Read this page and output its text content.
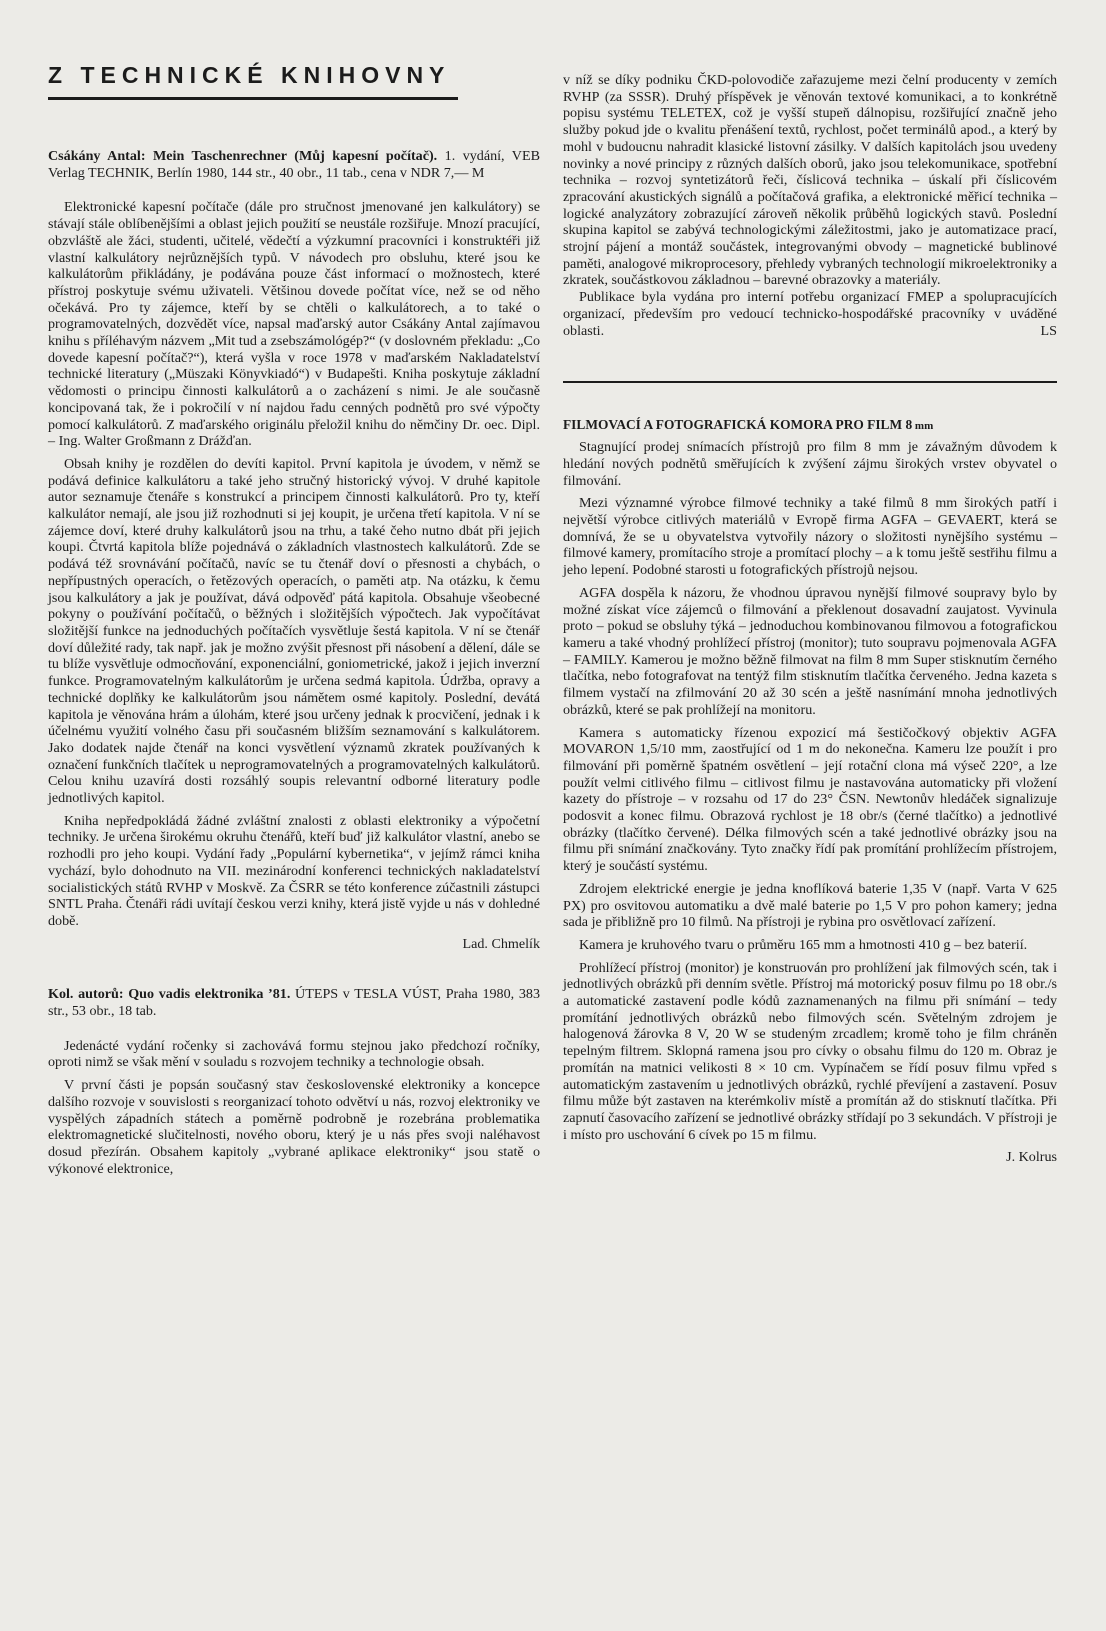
Z TECHNICKÉ KNIHOVNY

Csákány Antal: Mein Taschenrechner (Můj kapesní počítač). 1. vydání, VEB Verlag TECHNIK, Berlín 1980, 144 str., 40 obr., 11 tab., cena v NDR 7,— M

Elektronické kapesní počítače (dále pro stručnost jmenované jen kalkulátory) se stávají stále oblíbenějšími a oblast jejich použití se neustále rozšiřuje. Mnozí pracující, obzvláště ale žáci, studenti, učitelé, vědečtí a výzkumní pracovníci i konstruktéři již vlastní kalkulátory nejrůznějších typů. V návodech pro obsluhu, které jsou ke kalkulátorům přikládány, je podávána pouze část informací o možnostech, které přístroj poskytuje svému uživateli. Většinou dovede počítat více, než se od něho očekává. Pro ty zájemce, kteří by se chtěli o kalkulátorech, a to také o programovatelných, dozvědět více, napsal maďarský autor Csákány Antal zajímavou knihu s příléhavým názvem „Mit tud a zsebszámológép?“ (v doslovném překladu: „Co dovede kapesní počítač?“), která vyšla v roce 1978 v maďarském Nakladatelství technické literatury („Müszaki Könyvkiadó“) v Budapešti. Kniha poskytuje základní vědomosti o principu činnosti kalkulátorů a o zacházení s nimi. Je ale současně koncipovaná tak, že i pokročilí v ní najdou řadu cenných podnětů pro své výpočty pomocí kalkulátorů. Z maďarského originálu přeložil knihu do němčiny Dr. oec. Dipl. – Ing. Walter Großmann z Drážďan.

Obsah knihy je rozdělen do devíti kapitol. První kapitola je úvodem, v němž se podává definice kalkulátoru a také jeho stručný historický vývoj. V druhé kapitole autor seznamuje čtenáře s konstrukcí a principem činnosti kalkulátorů. Pro ty, kteří kalkulátor nemají, ale jsou již rozhodnuti si jej koupit, je určena třetí kapitola. V ní se zájemce doví, které druhy kalkulátorů jsou na trhu, a také čeho nutno dbát při jejich koupi. Čtvrtá kapitola blíže pojednává o základních vlastnostech kalkulátorů. Zde se podává též srovnávání počítačů, navíc se tu čtenář doví o přesnosti a chybách, o nepřípustných operacích, o řetězových operacích, o paměti atp. Na otázku, k čemu jsou kalkulátory a jak je používat, dává odpověď pátá kapitola. Obsahuje všeobecné pokyny o používání počítačů, o běžných i složitějších výpočtech. Jak vypočítávat složitější funkce na jednoduchých počítačích vysvětluje šestá kapitola. V ní se čtenář doví důležité rady, tak např. jak je možno zvýšit přesnost při násobení a dělení, dále se tu blíže vysvětluje odmocňování, exponenciální, goniometrické, jakož i jejich inverzní funkce. Programovatelným kalkulátorům je určena sedmá kapitola. Údržba, opravy a technické doplňky ke kalkulátorům jsou námětem osmé kapitoly. Poslední, devátá kapitola je věnována hrám a úlohám, které jsou určeny jednak k procvičení, jednak i k účelnému využití volného času při současném bližším seznamování s kalkulátorem. Jako dodatek najde čtenář na konci vysvětlení významů zkratek používaných k označení funkčních tlačítek u neprogramovatelných a programovatelných kalkulátorů. Celou knihu uzavírá dosti rozsáhlý soupis relevantní odborné literatury podle jednotlivých kapitol.

Kniha nepředpokládá žádné zvláštní znalosti z oblasti elektroniky a výpočetní techniky. Je určena širokému okruhu čtenářů, kteří buď již kalkulátor vlastní, anebo se rozhodli pro jeho koupi. Vydání řady „Populární kybernetika“, v jejímž rámci kniha vychází, bylo dohodnuto na VII. mezinárodní konferenci technických nakladatelství socialistických států RVHP v Moskvě. Za ČSRR se této konference zúčastnili zástupci SNTL Praha. Čtenáři rádi uvítají českou verzi knihy, která jistě vyjde u nás v dohledné době.

Lad. Chmelík

Kol. autorů: Quo vadis elektronika ’81. ÚTEPS v TESLA VÚST, Praha 1980, 383 str., 53 obr., 18 tab.

Jedenácté vydání ročenky si zachovává formu stejnou jako předchozí ročníky, oproti nimž se však mění v souladu s rozvojem techniky a technologie obsah.

V první části je popsán současný stav československé elektroniky a koncepce dalšího rozvoje v souvislosti s reorganizací tohoto odvětví u nás, rozvoj elektroniky ve vyspělých západních státech a poměrně podrobně je rozebrána problematika elektromagnetické slučitelnosti, nového oboru, který je u nás přes svoji naléhavost dosud přezírán. Obsahem kapitoly „vybrané aplikace elektroniky“ jsou statě o výkonové elektronice,

v níž se díky podniku ČKD-polovodiče zařazujeme mezi čelní producenty v zemích RVHP (za SSSR). Druhý příspěvek je věnován textové komunikaci, a to konkrétně popisu systému TELETEX, což je vyšší stupeň dálnopisu, rozšiřující značně jeho služby pokud jde o kvalitu přenášení textů, rychlost, počet terminálů apod., a který by mohl v budoucnu nahradit klasické listovní zásilky. V dalších kapitolách jsou uvedeny novinky a nové principy z různých dalších oborů, jako jsou telekomunikace, spotřební technika – rozvoj syntetizátorů řeči, číslicová technika – úskalí při číslicovém zpracování akustických signálů a počítačová grafika, a elektronické měřicí technika – logické analyzátory zobrazující zároveň několik průběhů logických stavů. Poslední skupina kapitol se zabývá technologickými záležitostmi, jako je automatizace prací, strojní pájení a montáž součástek, integrovanými obvody – magnetické bublinové paměti, analogové mikroprocesory, přehledy vybraných technologií mikroelektroniky a zkratek, součástkovou základnou – barevné obrazovky a materiály.

Publikace byla vydána pro interní potřebu organizací FMEP a spolupracujících organizací, především pro vedoucí technicko-hospodářské pracovníky v uváděné oblasti.	LS

FILMOVACÍ A FOTOGRAFICKÁ KOMORA PRO FILM 8 mm

Stagnující prodej snímacích přístrojů pro film 8 mm je závažným důvodem k hledání nových podnětů směřujících k zvýšení zájmu širokých vrstev obyvatel o filmování.

Mezi významné výrobce filmové techniky a také filmů 8 mm širokých patří i největší výrobce citlivých materiálů v Evropě firma AGFA – GEVAERT, která se domnívá, že se u obyvatelstva vytvořily názory o složitosti nynějšího systému – filmové kamery, promítacího stroje a promítací plochy – a k tomu ještě sestřihu filmu a jeho lepení. Podobné starosti u fotografických přístrojů nejsou.

AGFA dospěla k názoru, že vhodnou úpravou nynější filmové soupravy bylo by možné získat více zájemců o filmování a překlenout dosavadní zaujatost. Vyvinula proto – pokud se obsluhy týká – jednoduchou kombinovanou filmovou a fotografickou kameru a také vhodný prohlížecí přístroj (monitor); tuto soupravu pojmenovala AGFA – FAMILY. Kamerou je možno běžně filmovat na film 8 mm Super stisknutím černého tlačítka, nebo fotografovat na tentýž film stisknutím tlačítka červeného. Jedna kazeta s filmem vystačí na zfilmování 20 až 30 scén a ještě nasnímání mnoha jednotlivých obrázků, které se pak prohlížejí na monitoru.

Kamera s automaticky řízenou expozicí má šestičočkový objektiv AGFA MOVARON 1,5/10 mm, zaostřující od 1 m do nekonečna. Kameru lze použít i pro filmování při poměrně špatném osvětlení – její rotační clona má výseč 220°, a lze použít velmi citlivého filmu – citlivost filmu je nastavována automaticky při vložení kazety do přístroje – v rozsahu od 17 do 23° ČSN. Newtonův hledáček signalizuje podosvit a konec filmu. Obrazová rychlost je 18 obr/s (černé tlačítko) a jednotlivé obrázky (tlačítko červené). Délka filmových scén a také jednotlivé obrázky jsou na filmu při snímání značkovány. Tyto značky řídí pak promítání prohlížecím přístrojem, který je součástí systému.

Zdrojem elektrické energie je jedna knoflíková baterie 1,35 V (např. Varta V 625 PX) pro osvitovou automatiku a dvě malé baterie po 1,5 V pro pohon kamery; jedna sada je přibližně pro 10 filmů. Na přístroji je rybina pro osvětlovací zařízení.

Kamera je kruhového tvaru o průměru 165 mm a hmotnosti 410 g – bez baterií.

Prohlížecí přístroj (monitor) je konstruován pro prohlížení jak filmových scén, tak i jednotlivých obrázků při denním světle. Přístroj má motorický posuv filmu po 18 obr./s a automatické zastavení podle kódů zaznamenaných na filmu při snímání – tedy promítání jednotlivých obrázků nebo filmových scén. Světelným zdrojem je halogenová žárovka 8 V, 20 W se studeným zrcadlem; kromě toho je film chráněn tepelným filtrem. Sklopná ramena jsou pro cívky o obsahu filmu do 120 m. Obraz je promítán na matnici velikosti 8 × 10 cm. Vypínačem se řídí posuv filmu vpřed s automatickým zastavením u jednotlivých obrázků, rychlé převíjení a zastavení. Posuv filmu může být zastaven na kterémkoliv místě a promítán až do stisknutí tlačítka. Při zapnutí časovacího zařízení se jednotlivé obrázky střídají po 3 sekundách. V přístroji je i místo pro uschování 6 cívek po 15 m filmu.

J. Kolrus
